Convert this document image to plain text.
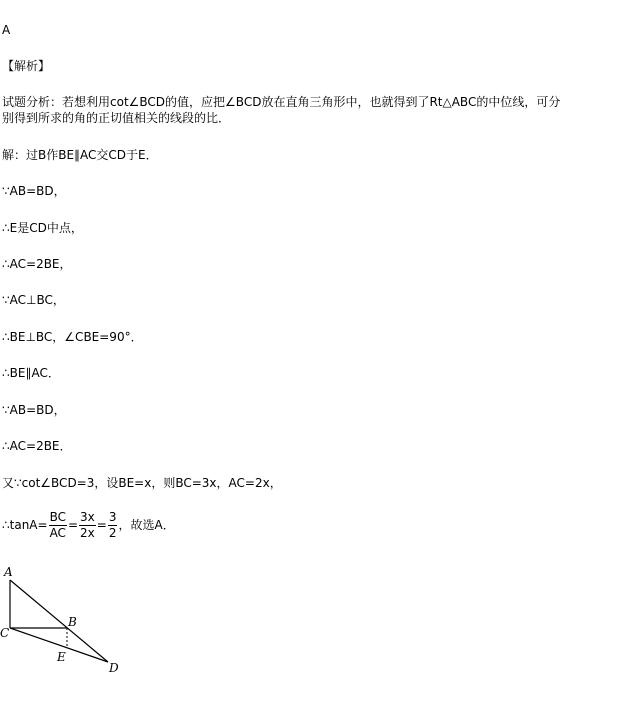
A
【解析】
试题分析：若想利用cot∠BCD的值，应把∠BCD放在直角三角形中，也就得到了Rt△ABC的中位线，可分
别得到所求的角的正切值相关的线段的比．
解：过B作BE∥AC交CD于E．
∵AB=BD，
∴E是CD中点，
∴AC=2BE，
∵AC⊥BC，
∴BE⊥BC，∠CBE=90°．
∴BE∥AC．
∵AB=BD，
∴AC=2BE．
又∵cot∠BCD=3，设BE=x，则BC=3x，AC=2x，
∴tanA= $\frac{BC}{AC} = \frac{3x}{2x} = \frac{3}{2}$ ，故选A．
A
B
C
D
E
